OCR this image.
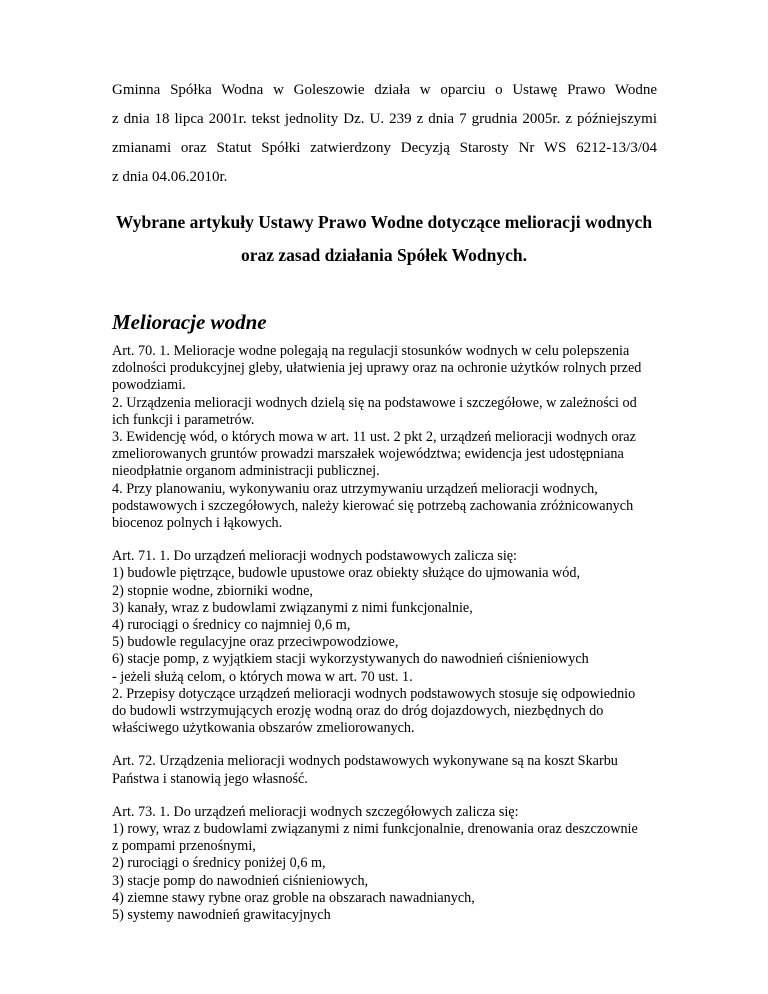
Gminna Spółka Wodna w Goleszowie działa w oparciu o Ustawę Prawo Wodne
z dnia 18 lipca 2001r. tekst jednolity Dz. U. 239 z dnia 7 grudnia 2005r. z późniejszymi
zmianami oraz Statut Spółki zatwierdzony Decyzją Starosty Nr WS 6212-13/3/04
z dnia 04.06.2010r.
Wybrane artykuły Ustawy Prawo Wodne dotyczące melioracji wodnych
oraz zasad działania Spółek Wodnych.
Melioracje wodne
Art. 70. 1. Melioracje wodne polegają na regulacji stosunków wodnych w celu polepszenia
zdolności produkcyjnej gleby, ułatwienia jej uprawy oraz na ochronie użytków rolnych przed
powodziami.
2. Urządzenia melioracji wodnych dzielą się na podstawowe i szczegółowe, w zależności od
ich funkcji i parametrów.
3. Ewidencję wód, o których mowa w art. 11 ust. 2 pkt 2, urządzeń melioracji wodnych oraz
zmeliorowanych gruntów prowadzi marszałek województwa; ewidencja jest udostępniana
nieodpłatnie organom administracji publicznej.
4. Przy planowaniu, wykonywaniu oraz utrzymywaniu urządzeń melioracji wodnych,
podstawowych i szczegółowych, należy kierować się potrzebą zachowania zróżnicowanych
biocenoz polnych i łąkowych.
Art. 71. 1. Do urządzeń melioracji wodnych podstawowych zalicza się:
1) budowle piętrzące, budowle upustowe oraz obiekty służące do ujmowania wód,
2) stopnie wodne, zbiorniki wodne,
3) kanały, wraz z budowlami związanymi z nimi funkcjonalnie,
4) rurociągi o średnicy co najmniej 0,6 m,
5) budowle regulacyjne oraz przeciwpowodziowe,
6) stacje pomp, z wyjątkiem stacji wykorzystywanych do nawodnień ciśnieniowych
- jeżeli służą celom, o których mowa w art. 70 ust. 1.
2. Przepisy dotyczące urządzeń melioracji wodnych podstawowych stosuje się odpowiednio
do budowli wstrzymujących erozję wodną oraz do dróg dojazdowych, niezbędnych do
właściwego użytkowania obszarów zmeliorowanych.
Art. 72. Urządzenia melioracji wodnych podstawowych wykonywane są na koszt Skarbu
Państwa i stanowią jego własność.
Art. 73. 1. Do urządzeń melioracji wodnych szczegółowych zalicza się:
1) rowy, wraz z budowlami związanymi z nimi funkcjonalnie, drenowania oraz deszczownie
z pompami przenośnymi,
2) rurociągi o średnicy poniżej 0,6 m,
3) stacje pomp do nawodnień ciśnieniowych,
4) ziemne stawy rybne oraz groble na obszarach nawadnianych,
5) systemy nawodnień grawitacyjnych
